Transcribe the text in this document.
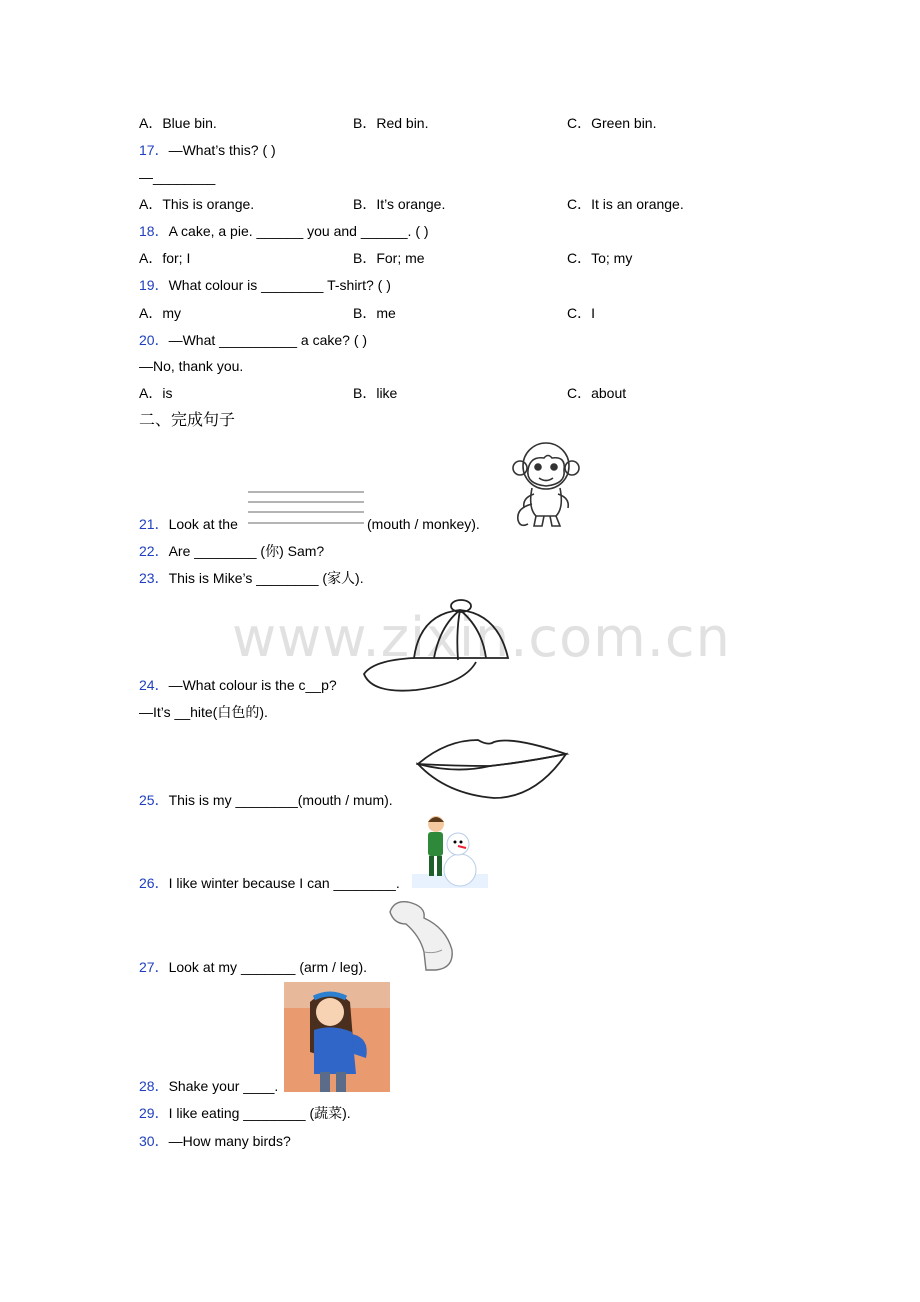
A．Blue bin.	B．Red bin.	C．Green bin.
17．—What’s this? ( )
—________
A．This is orange.	B．It’s orange.	C．It is an orange.
18．A cake, a pie. ______ you and ______. ( )
A．for; I	B．For; me	C．To; my
19．What colour is ________ T-shirt? ( )
A．my	B．me	C．I
20．—What __________ a cake? ( )
—No, thank you.
A．is	B．like	C．about
二、完成句子
21．Look at the	(mouth / monkey).
22．Are ________ (你) Sam?
23．This is Mike’s ________ (家人).
www.zixin.com.cn
24．—What colour is the c__p?
—It’s __hite(白色的).
25．This is my ________(mouth / mum).
26．I like winter because I can ________.
27．Look at my _______ (arm / leg).
28．Shake your ____.
29．I like eating ________ (蔬菜).
30．—How many birds?
